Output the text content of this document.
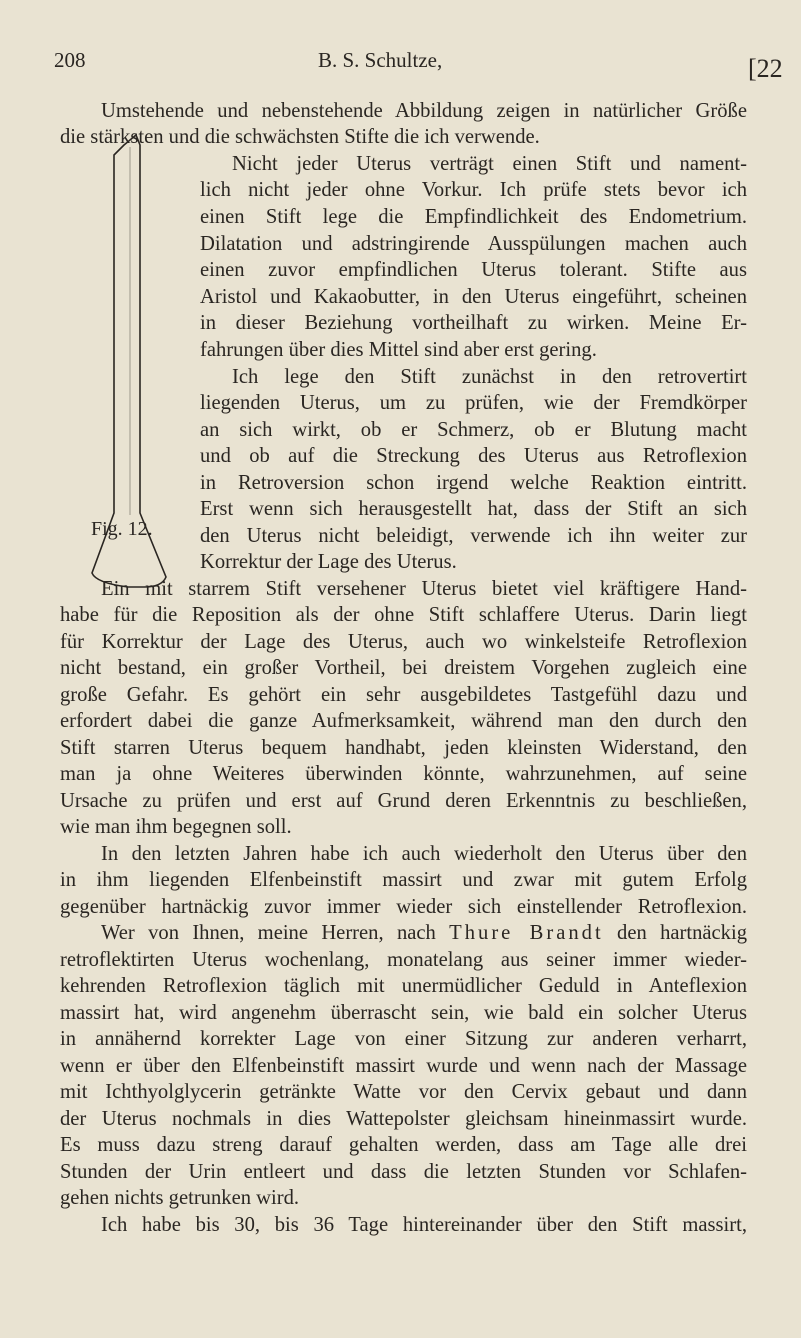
208	B. S. Schultze,	[22
Fig. 12.
Umstehende und nebenstehende Abbildung zeigen in natürlicher Größe
die stärksten und die schwächsten Stifte die ich verwende.
Nicht jeder Uterus verträgt einen Stift und nament-
lich nicht jeder ohne Vorkur. Ich prüfe stets bevor ich
einen Stift lege die Empfindlichkeit des Endometrium.
Dilatation und adstringirende Ausspülungen machen auch
einen zuvor empfindlichen Uterus tolerant. Stifte aus
Aristol und Kakaobutter, in den Uterus eingeführt, scheinen
in dieser Beziehung vortheilhaft zu wirken. Meine Er-
fahrungen über dies Mittel sind aber erst gering.
Ich lege den Stift zunächst in den retrovertirt
liegenden Uterus, um zu prüfen, wie der Fremdkörper
an sich wirkt, ob er Schmerz, ob er Blutung macht
und ob auf die Streckung des Uterus aus Retroflexion
in Retroversion schon irgend welche Reaktion eintritt.
Erst wenn sich herausgestellt hat, dass der Stift an sich
den Uterus nicht beleidigt, verwende ich ihn weiter zur
Korrektur der Lage des Uterus.
Ein mit starrem Stift versehener Uterus bietet viel kräftigere Hand-
habe für die Reposition als der ohne Stift schlaffere Uterus. Darin liegt
für Korrektur der Lage des Uterus, auch wo winkelsteife Retroflexion
nicht bestand, ein großer Vortheil, bei dreistem Vorgehen zugleich eine
große Gefahr. Es gehört ein sehr ausgebildetes Tastgefühl dazu und
erfordert dabei die ganze Aufmerksamkeit, während man den durch den
Stift starren Uterus bequem handhabt, jeden kleinsten Widerstand, den
man ja ohne Weiteres überwinden könnte, wahrzunehmen, auf seine
Ursache zu prüfen und erst auf Grund deren Erkenntnis zu beschließen,
wie man ihm begegnen soll.
In den letzten Jahren habe ich auch wiederholt den Uterus über den
in ihm liegenden Elfenbeinstift massirt und zwar mit gutem Erfolg
gegenüber hartnäckig zuvor immer wieder sich einstellender Retroflexion.
Wer von Ihnen, meine Herren, nach Thure Brandt den hartnäckig
retroflektirten Uterus wochenlang, monatelang aus seiner immer wieder-
kehrenden Retroflexion täglich mit unermüdlicher Geduld in Anteflexion
massirt hat, wird angenehm überrascht sein, wie bald ein solcher Uterus
in annähernd korrekter Lage von einer Sitzung zur anderen verharrt,
wenn er über den Elfenbeinstift massirt wurde und wenn nach der Massage
mit Ichthyolglycerin getränkte Watte vor den Cervix gebaut und dann
der Uterus nochmals in dies Wattepolster gleichsam hineinmassirt wurde.
Es muss dazu streng darauf gehalten werden, dass am Tage alle drei
Stunden der Urin entleert und dass die letzten Stunden vor Schlafen-
gehen nichts getrunken wird.
Ich habe bis 30, bis 36 Tage hintereinander über den Stift massirt,
